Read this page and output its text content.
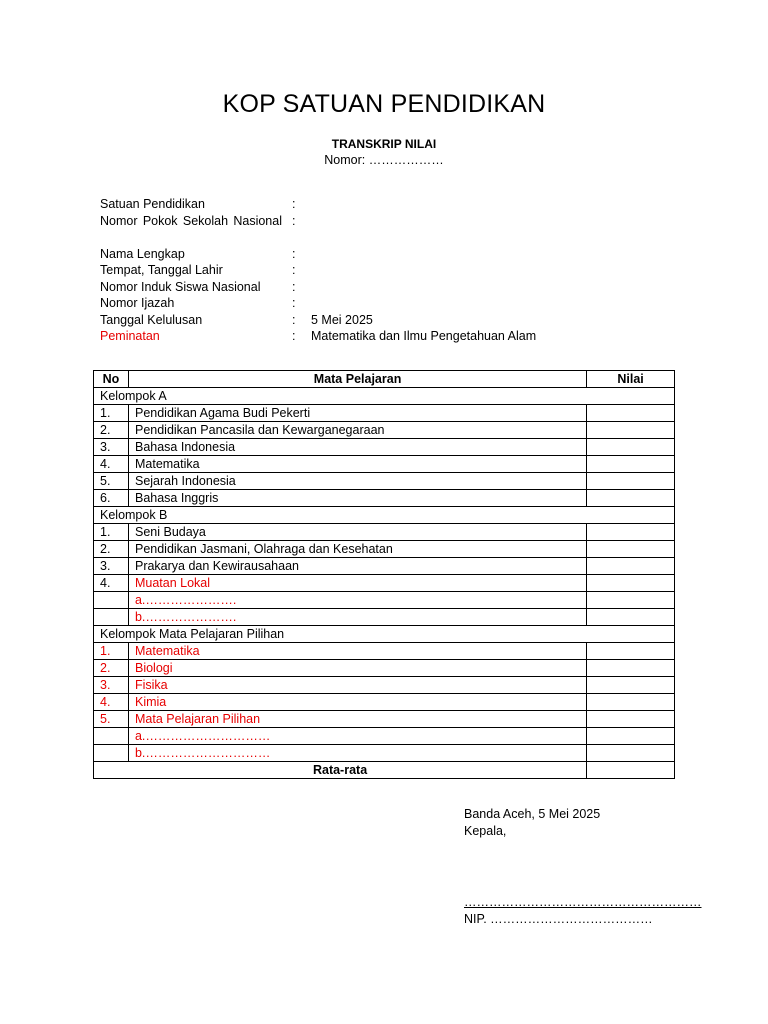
KOP SATUAN PENDIDIKAN
TRANSKRIP NILAI
Nomor: ………………
Satuan Pendidikan	:
Nomor Pokok Sekolah Nasional :
Nama Lengkap	:
Tempat, Tanggal Lahir	:
Nomor Induk Siswa Nasional	:
Nomor Ijazah	:
Tanggal Kelulusan	: 5 Mei 2025
Peminatan	: Matematika dan Ilmu Pengetahuan Alam
No	Mata Pelajaran	Nilai
Kelompok A		
1.	Pendidikan Agama Budi Pekerti	
2.	Pendidikan Pancasila dan Kewarganegaraan	
3.	Bahasa Indonesia	
4.	Matematika	
5.	Sejarah Indonesia	
6.	Bahasa Inggris	
Kelompok B		
1.	Seni Budaya	
2.	Pendidikan Jasmani, Olahraga dan Kesehatan	
3.	Prakarya dan Kewirausahaan	
4.	Muatan Lokal	
	a.………………….	
	b.………………….	
Kelompok Mata Pelajaran Pilihan		
1.	Matematika	
2.	Biologi	
3.	Fisika	
4.	Kimia	
5.	Mata Pelajaran Pilihan	
	a.…………………………	
	b.…………………………	
Rata-rata		
Banda Aceh, 5 Mei 2025
Kepala,
…………………………………………………
NIP. …………………………………
